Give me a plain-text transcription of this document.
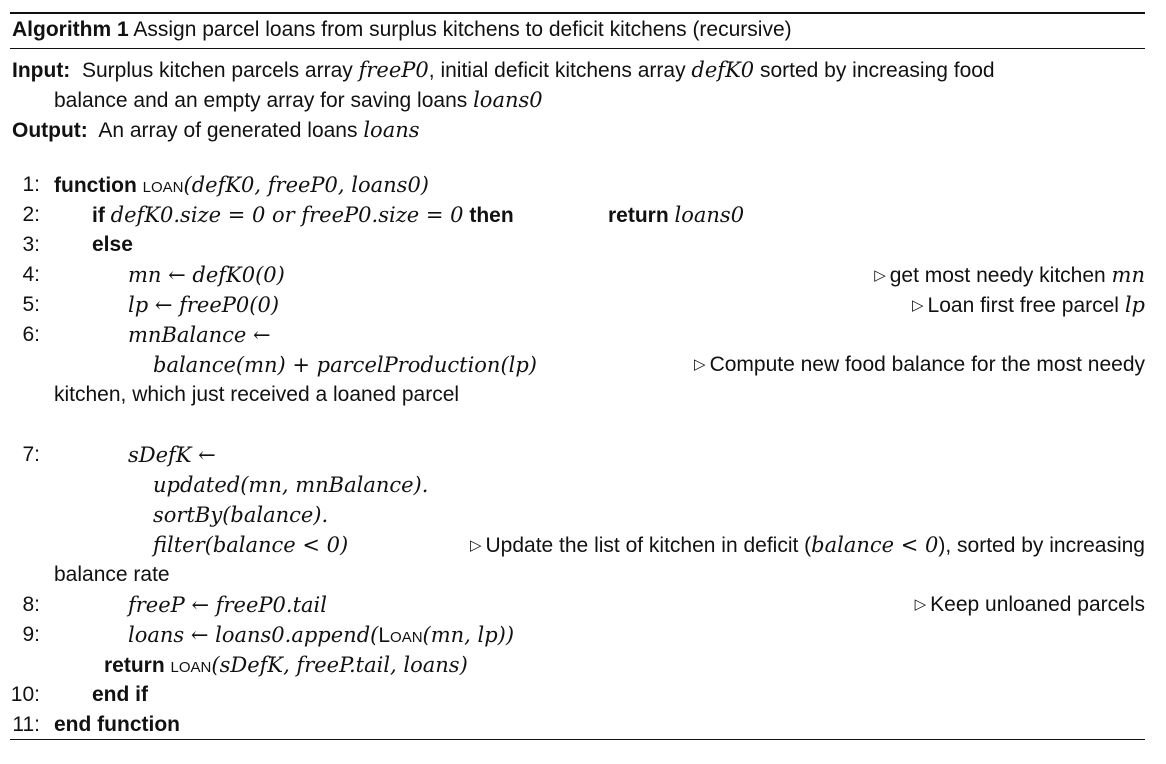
Algorithm 1 Assign parcel loans from surplus kitchens to deficit kitchens (recursive)
Input: Surplus kitchen parcels array freeP0, initial deficit kitchens array defK0 sorted by increasing food
balance and an empty array for saving loans loans0
Output: An array of generated loans loans
1: function loan(defK0, freeP0, loans0)
2: if defK0.size = 0 or freeP0.size = 0 then	return loans0
3: else
4:	mn ← defK0(0)	▷ get most needy kitchen mn
5:	lp ← freeP0(0)	▷ Loan first free parcel lp
6:	mnBalance ←
balance(mn) + parcelProduction(lp)	▷ Compute new food balance for the most needy
kitchen, which just received a loaned parcel
7:	sDefK ←
updated(mn, mnBalance).
sortBy(balance).
filter(balance < 0)	▷ Update the list of kitchen in deficit (balance < 0), sorted by increasing
balance rate
8:	freeP ← freeP0.tail	▷ Keep unloaned parcels
9:	loans ← loans0.append(Loan(mn, lp))
return loan(sDefK, freeP.tail, loans)
10: end if
11: end function
